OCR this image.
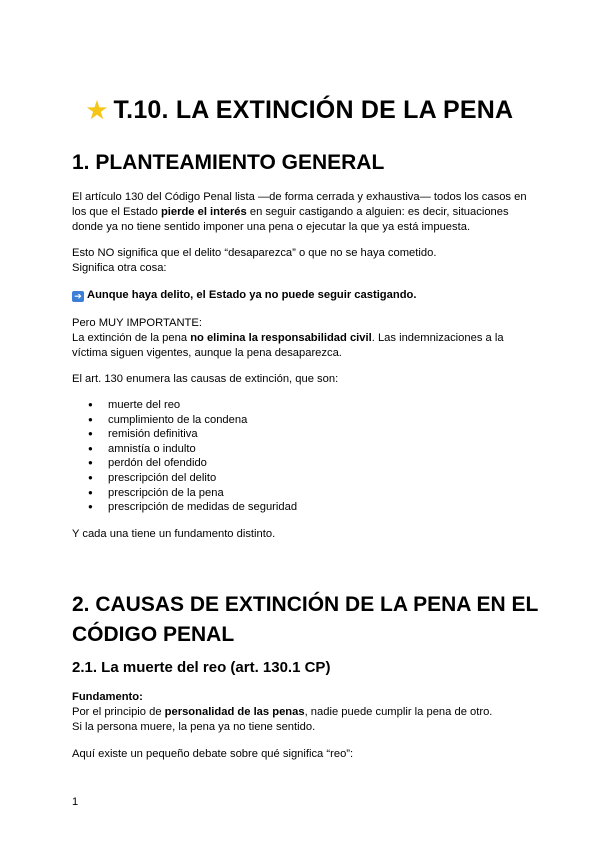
★ T.10. LA EXTINCIÓN DE LA PENA
1. PLANTEAMIENTO GENERAL
El artículo 130 del Código Penal lista —de forma cerrada y exhaustiva— todos los casos en
los que el Estado pierde el interés en seguir castigando a alguien: es decir, situaciones
donde ya no tiene sentido imponer una pena o ejecutar la que ya está impuesta.
Esto NO significa que el delito “desaparezca” o que no se haya cometido.
Significa otra cosa:
➔ Aunque haya delito, el Estado ya no puede seguir castigando.
Pero MUY IMPORTANTE:
La extinción de la pena no elimina la responsabilidad civil. Las indemnizaciones a la
víctima siguen vigentes, aunque la pena desaparezca.
El art. 130 enumera las causas de extinción, que son:
● muerte del reo
● cumplimiento de la condena
● remisión definitiva
● amnistía o indulto
● perdón del ofendido
● prescripción del delito
● prescripción de la pena
● prescripción de medidas de seguridad
Y cada una tiene un fundamento distinto.
2. CAUSAS DE EXTINCIÓN DE LA PENA EN EL
CÓDIGO PENAL
2.1. La muerte del reo (art. 130.1 CP)
Fundamento:
Por el principio de personalidad de las penas, nadie puede cumplir la pena de otro.
Si la persona muere, la pena ya no tiene sentido.
Aquí existe un pequeño debate sobre qué significa “reo”:
1
